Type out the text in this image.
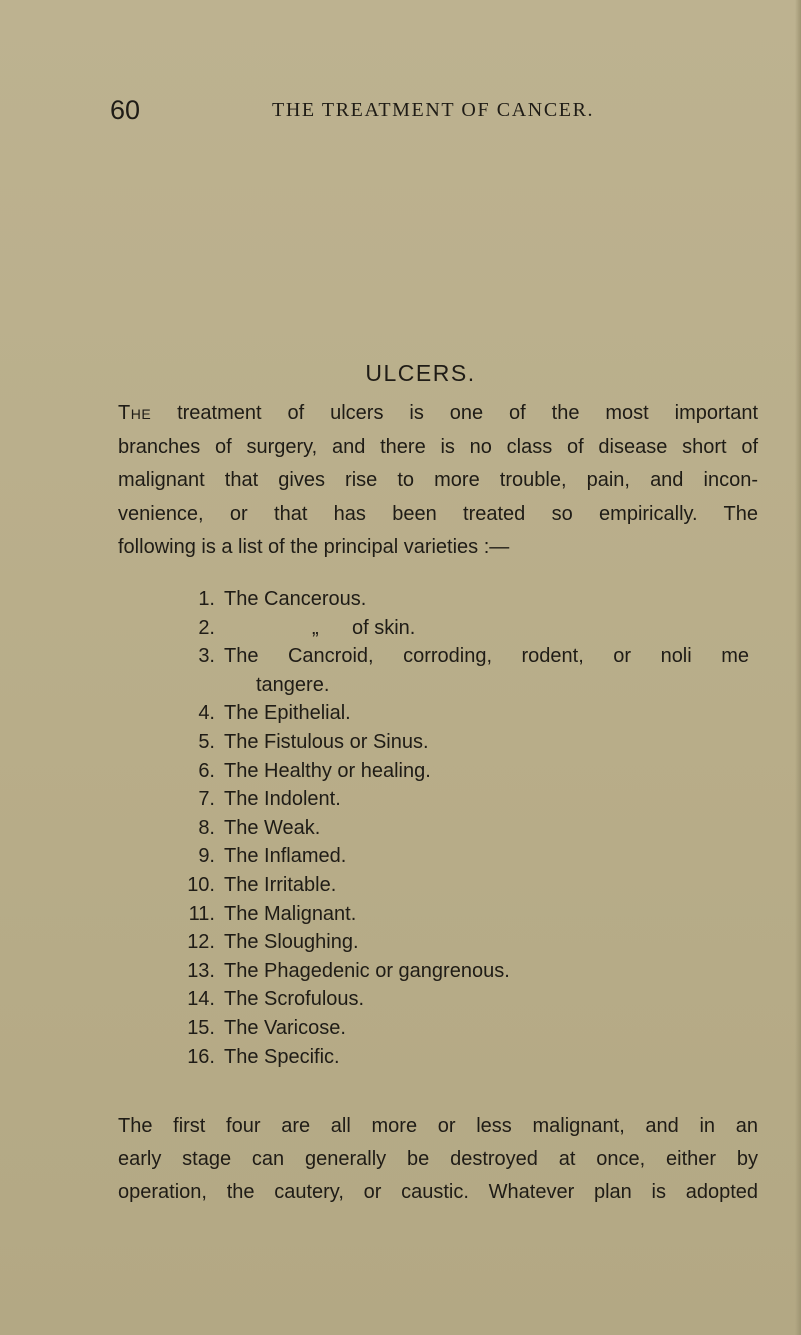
60	THE TREATMENT OF CANCER.
ULCERS.
The treatment of ulcers is one of the most important
branches of surgery, and there is no class of disease short of
malignant that gives rise to more trouble, pain, and incon-
venience, or that has been treated so empirically. The
following is a list of the principal varieties :—
1. The Cancerous.
2.	„      of skin.
3. The Cancroid, corroding, rodent, or noli me
tangere.
4. The Epithelial.
5. The Fistulous or Sinus.
6. The Healthy or healing.
7. The Indolent.
8. The Weak.
9. The Inflamed.
10. The Irritable.
11. The Malignant.
12. The Sloughing.
13. The Phagedenic or gangrenous.
14. The Scrofulous.
15. The Varicose.
16. The Specific.
The first four are all more or less malignant, and in an
early stage can generally be destroyed at once, either by
operation, the cautery, or caustic. Whatever plan is adopted
